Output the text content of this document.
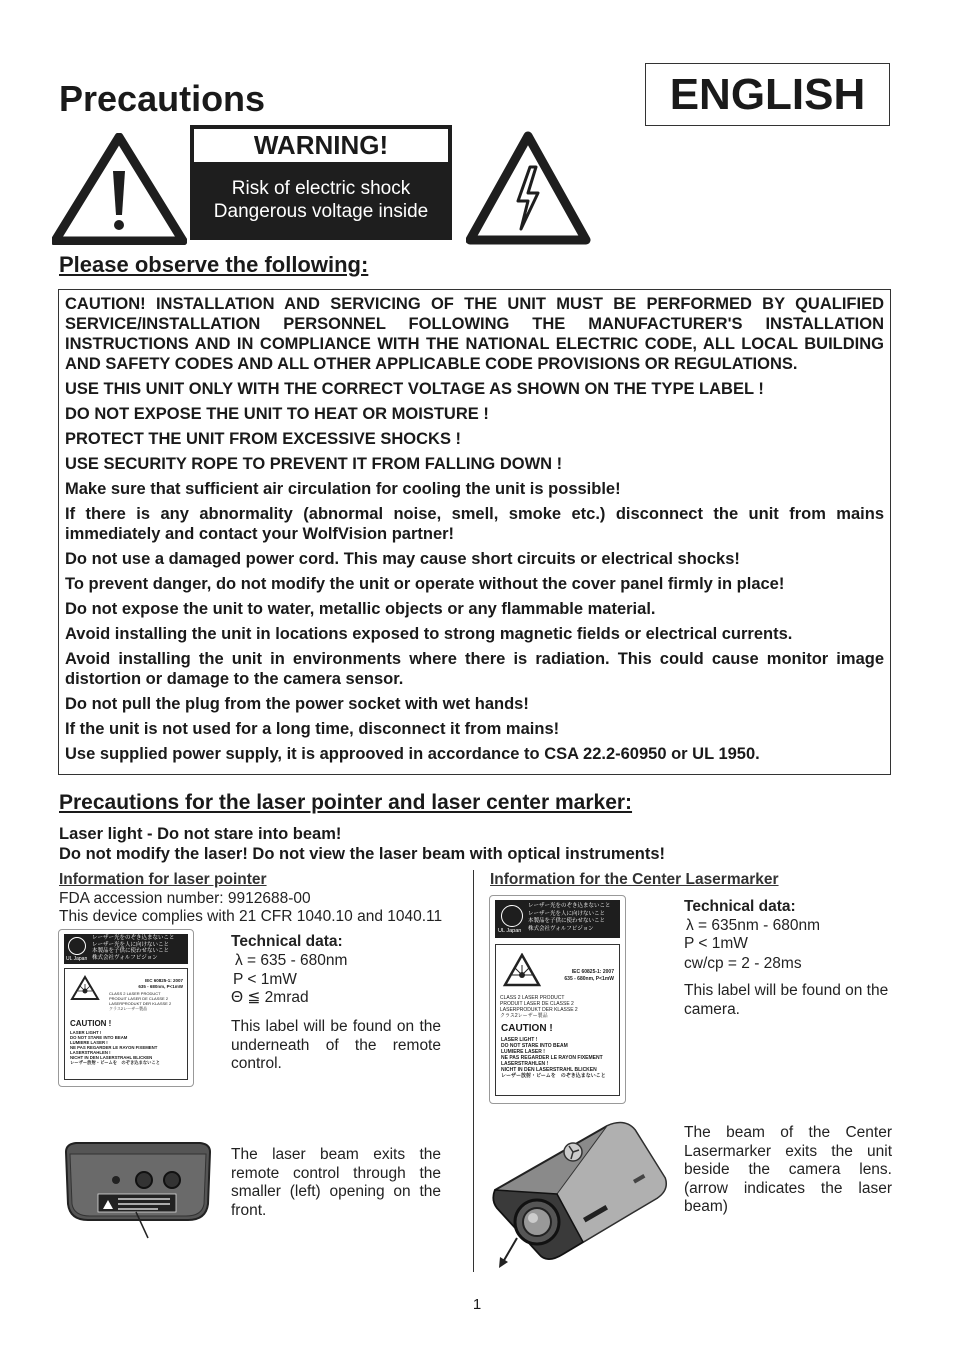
Precautions	ENGLISH
WARNING!
Risk of electric shock
Dangerous voltage inside
Please observe the following:

CAUTION! INSTALLATION AND SERVICING OF THE UNIT MUST BE PERFORMED BY QUALIFIED SERVICE/INSTALLATION PERSONNEL FOLLOWING THE MANUFACTURER'S INSTALLATION INSTRUCTIONS AND IN COMPLIANCE WITH THE NATIONAL ELECTRIC CODE, ALL LOCAL BUILDING AND SAFETY CODES AND ALL OTHER APPLICABLE CODE PROVISIONS OR REGULATIONS.

USE THIS UNIT ONLY WITH THE CORRECT VOLTAGE AS SHOWN ON THE TYPE LABEL !

DO NOT EXPOSE THE UNIT TO HEAT OR MOISTURE !

PROTECT THE UNIT FROM EXCESSIVE SHOCKS !

USE SECURITY ROPE TO PREVENT IT FROM FALLING DOWN !

Make sure that sufficient air circulation for cooling the unit is possible!

If there is any abnormality (abnormal noise, smell, smoke etc.) disconnect the unit from mains immediately and contact your WolfVision partner!

Do not use a damaged power cord. This may cause short circuits or electrical shocks!

To prevent danger, do not modify the unit or operate without the cover panel firmly in place!

Do not expose the unit to water, metallic objects or any flammable material.

Avoid installing the unit in locations exposed to strong magnetic fields or electrical currents.

Avoid installing the unit in environments where there is radiation. This could cause monitor image distortion or damage to the camera sensor.

Do not pull the plug from the power socket with wet hands!

If the unit is not used for a long time, disconnect it from mains!

Use supplied power supply, it is approoved in accordance to CSA 22.2-60950 or UL 1950.

Precautions for the laser pointer and laser center marker:

Laser light - Do not stare into beam!

Do not modify the laser! Do not view the laser beam with optical instruments!

Information for laser pointer

FDA accession number: 9912688-00

This device complies with 21 CFR 1040.10 and 1040.11

UL Japan
レーザー光をのぞき込まないこと
レーザー光を人に向けないこと
本製品を子供に使わせないこと
株式会社ヴォルフビジョン
IEC 60825-1: 2007
635 - 680nm, P<1mW
CLASS 2 LASER PRODUCT
PRODUIT LASER DE CLASSE 2
LASERPRODUKT DER KLASSE 2
クラス2レーザー製品
CAUTION !
LASER LIGHT !
DO NOT STARE INTO BEAM
LUMIERE LASER !
NE PAS REGARDER LE RAYON FIXEMENT
LASERSTRAHLEN !
NICHT IN DEN LASERSTRAHL BLICKEN
レーザー放射・ビームを　のぞき込まないこと

Technical data:

λ = 635 - 680nm

P < 1mW

Θ ≦ 2mrad

This label will be found on the underneath of the remote control.

The laser beam exits the remote control through the smaller (left) opening on the front.

Information for the Center Lasermarker

UL Japan
レーザー光をのぞき込まないこと
レーザー光を人に向けないこと
本製品を子供に使わせないこと
株式会社ヴォルフビジョン
IEC 60825-1: 2007
635 - 680nm, P<1mW
CLASS 2 LASER PRODUCT
PRODUIT LASER DE CLASSE 2
LASERPRODUKT DER KLASSE 2
クラス2レーザー製品
CAUTION !
LASER LIGHT !
DO NOT STARE INTO BEAM
LUMIERE LASER !
NE PAS REGARDER LE RAYON FIXEMENT
LASERSTRAHLEN !
NICHT IN DEN LASERSTRAHL BLICKEN
レーザー放射・ビームを　のぞき込まないこと

Technical data:

λ = 635nm - 680nm

P < 1mW

cw/cp = 2 - 28ms

This label will be found on the camera.

The beam of the Center Lasermarker exits the unit beside the camera lens. (arrow indicates the laser beam)

1
